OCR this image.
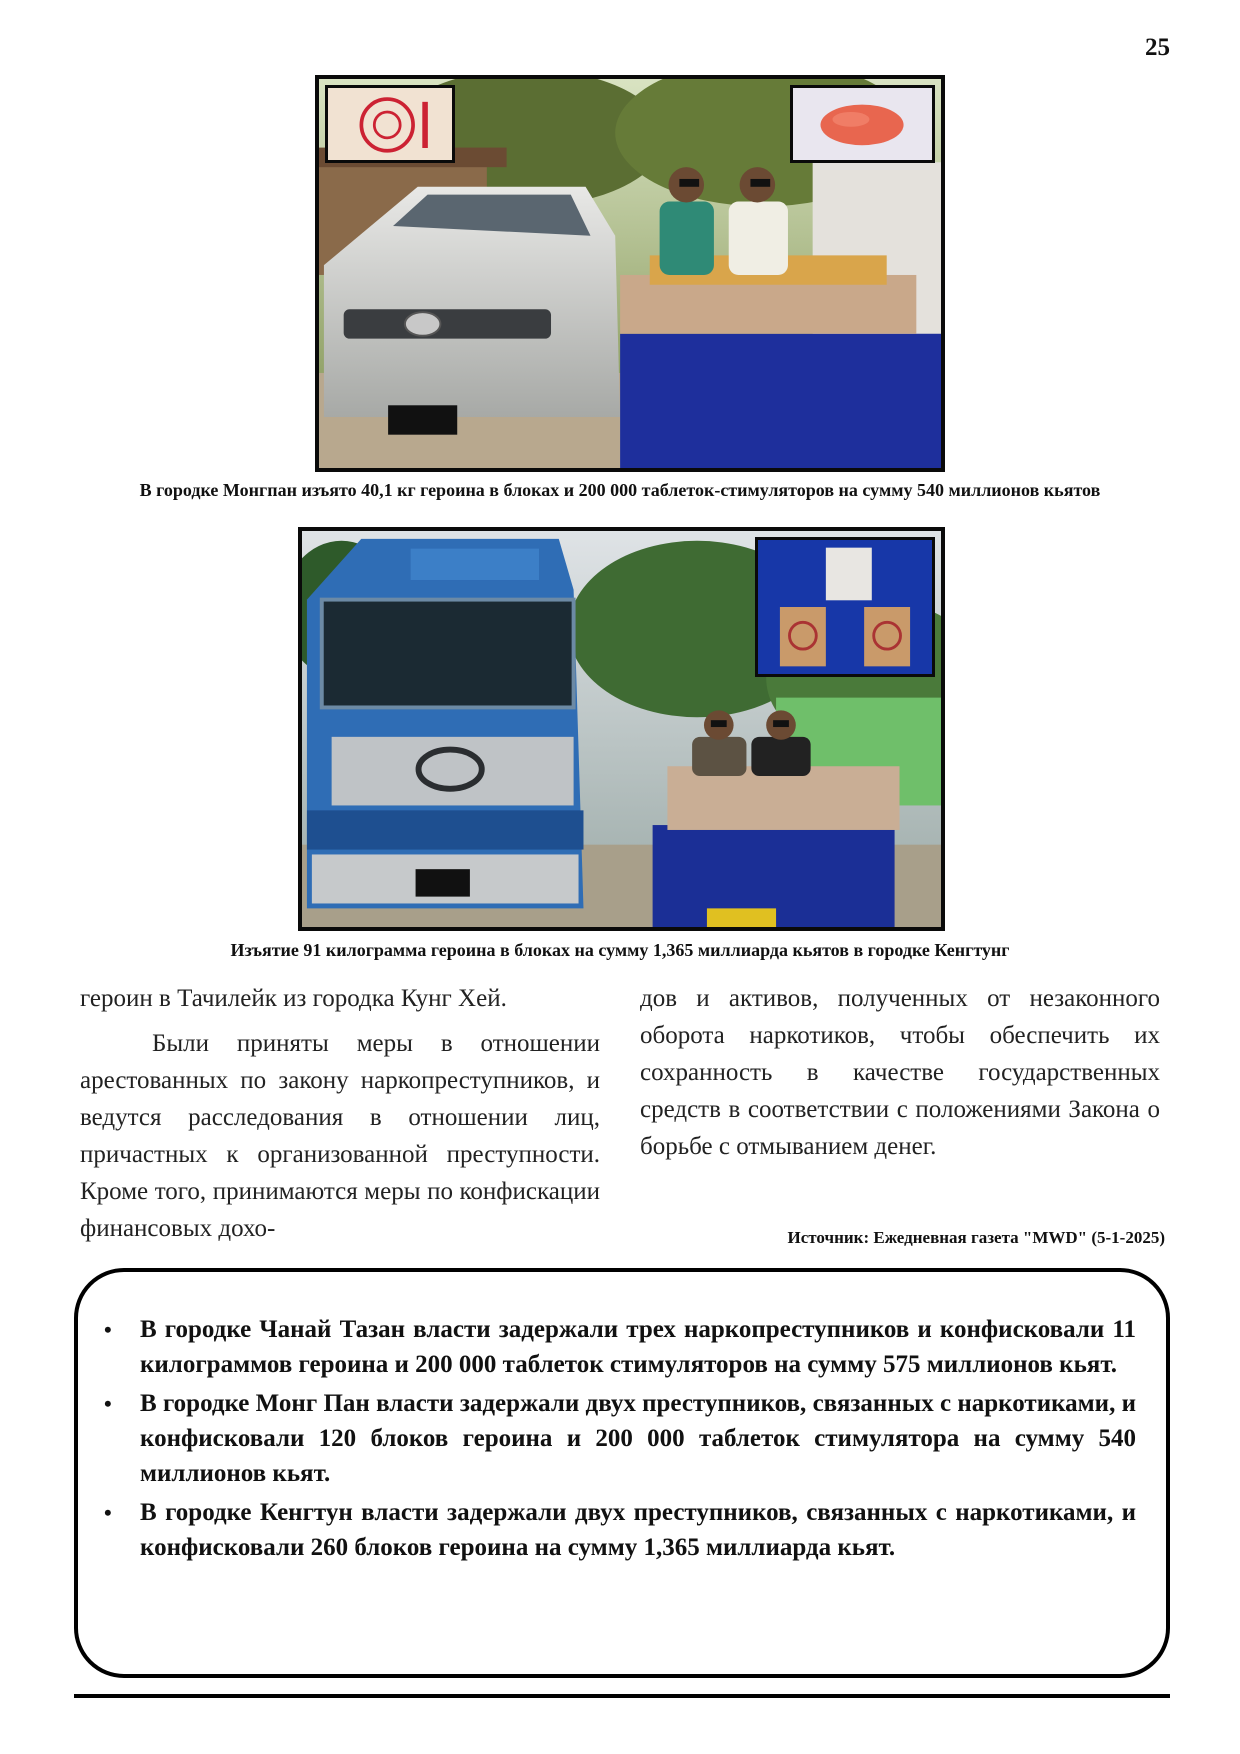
25
В городке Монгпан изъято 40,1 кг героина в блоках и 200 000 таблеток-стимуляторов на сумму 540 миллионов кьятов
Изъятие 91 килограмма героина в блоках на сумму 1,365 миллиарда кьятов в городке Кенгтунг

героин в Тачилейк из городка Кунг Хей.

Были приняты меры в отношении арестованных по закону наркопреступников, и ведутся расследования в отношении лиц, причастных к организованной преступности. Кроме того, принимаются меры по конфискации финансовых дохо-

дов и активов, полученных от незаконного оборота наркотиков, чтобы обеспечить их сохранность в качестве государственных средств в соответствии с положениями Закона о борьбе с отмыванием денег.

Источник: Ежедневная газета "MWD" (5-1-2025)
• В городке Чанай Тазан власти задержали трех наркопреступников и конфисковали 11 килограммов героина и 200 000 таблеток стимуляторов на сумму 575 миллионов кьят.
• В городке Монг Пан власти задержали двух преступников, связанных с наркотиками, и конфисковали 120 блоков героина и 200 000 таблеток стимулятора на сумму 540 миллионов кьят.
• В городке Кенгтун власти задержали двух преступников, связанных с наркотиками, и конфисковали 260 блоков героина на сумму 1,365 миллиарда кьят.
